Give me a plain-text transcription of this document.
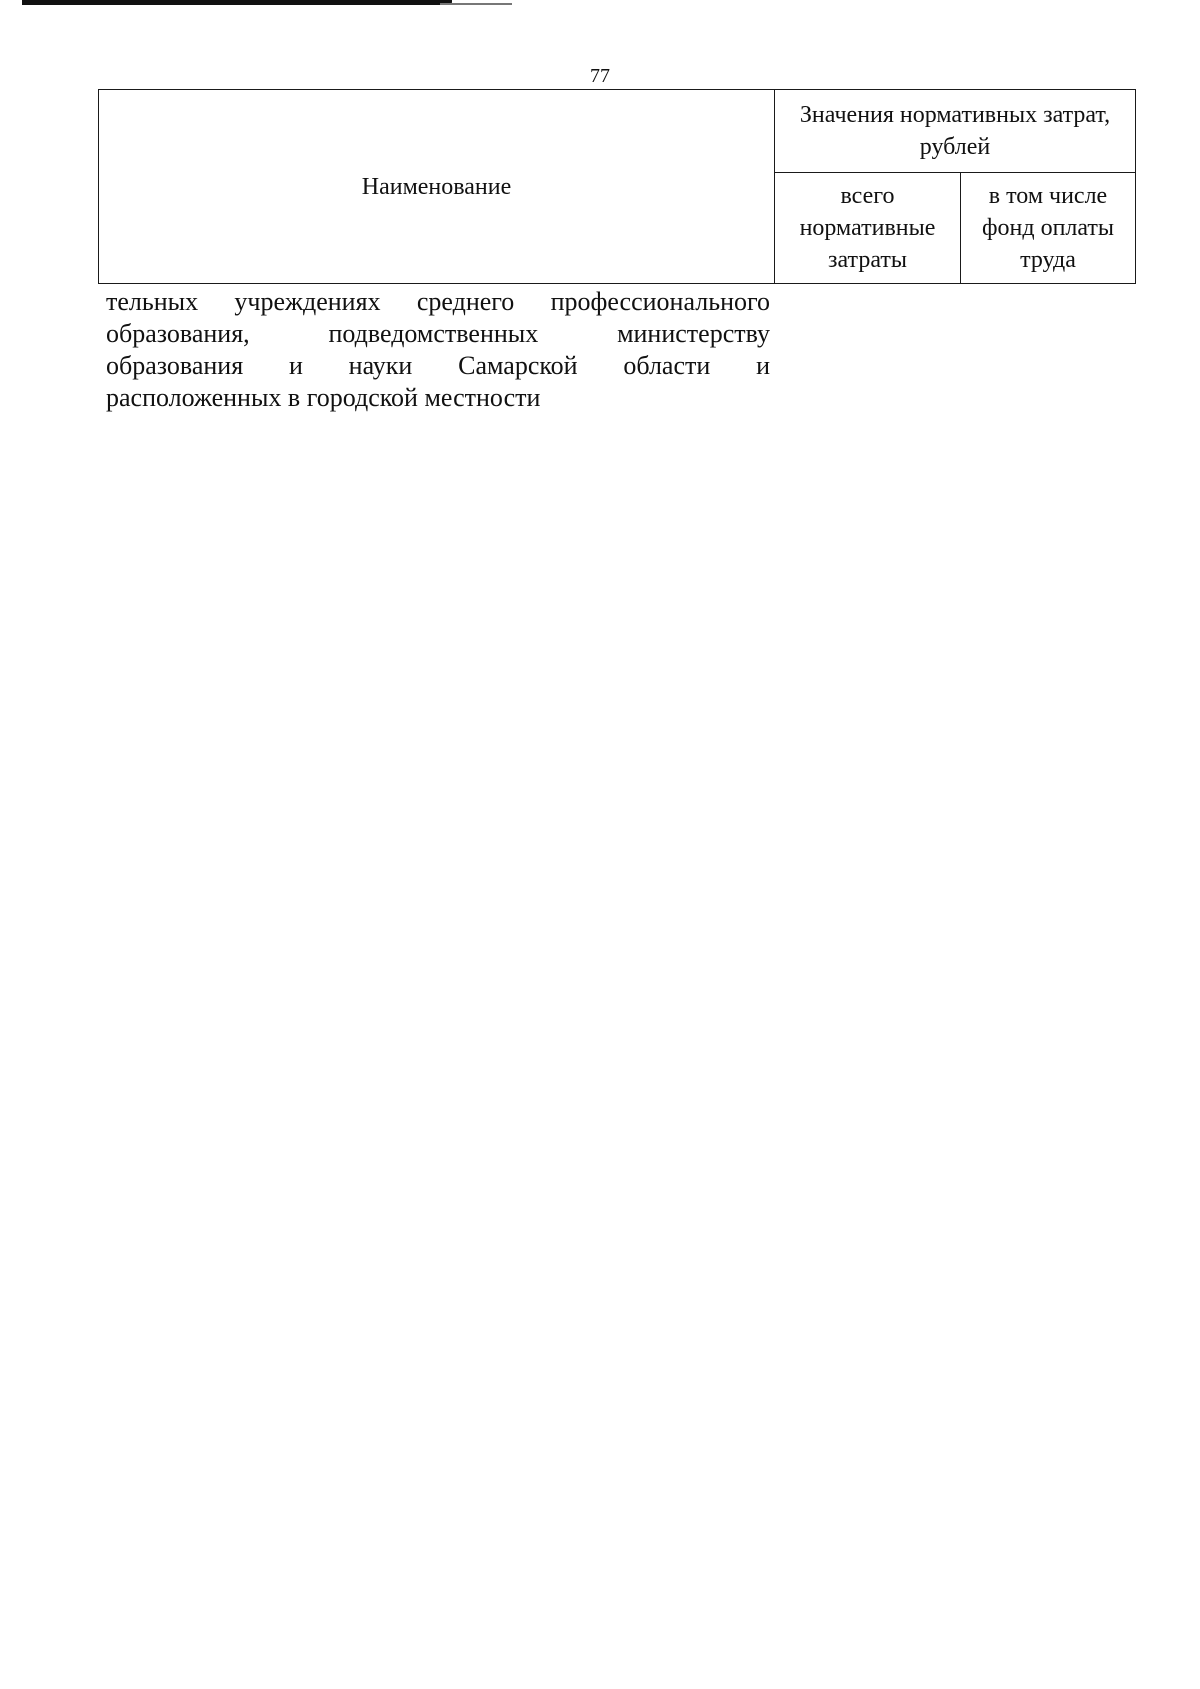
77
Наименование	Значения нормативных затрат, рублей	
	всего нормативные затраты	в том числе фонд оплаты труда
тельных учреждениях среднего профессионального
образования, подведомственных министерству
образования и науки Самарской области и
расположенных в городской местности
